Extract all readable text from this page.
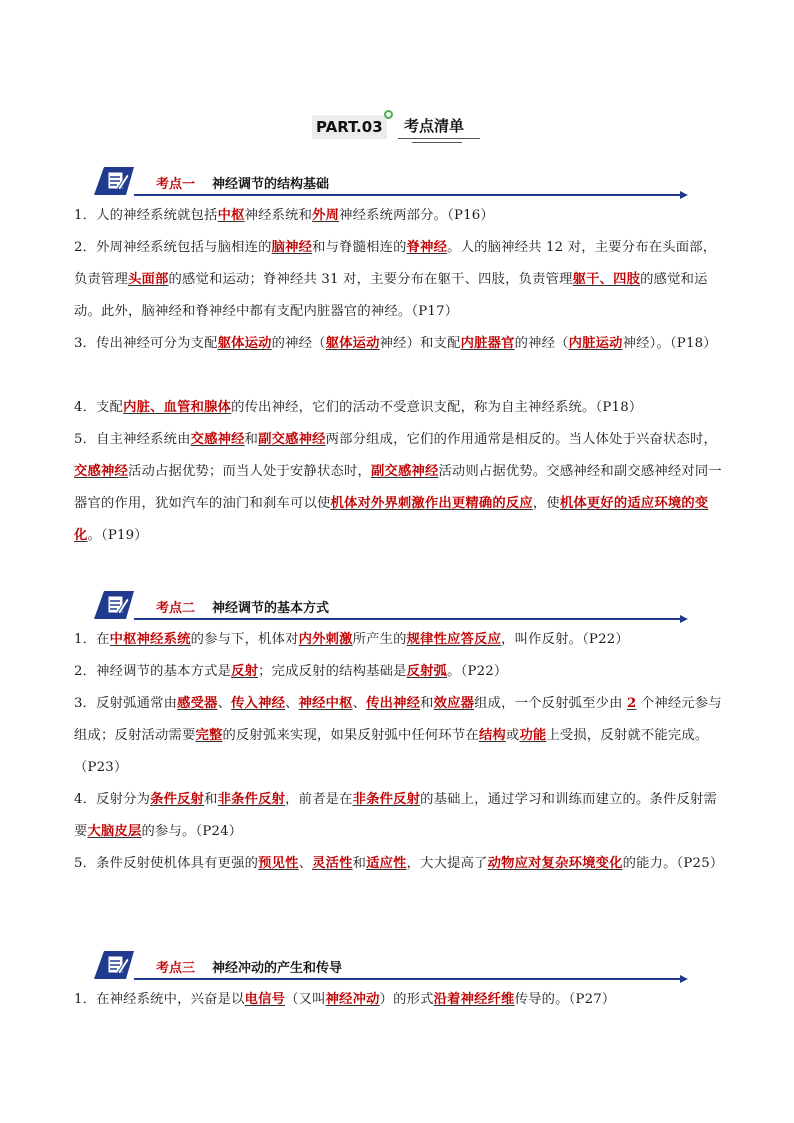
PART.03 考点清单
考点一 神经调节的结构基础

1．人的神经系统就包括中枢神经系统和外周神经系统两部分。（P16）

2．外周神经系统包括与脑相连的脑神经和与脊髓相连的脊神经。人的脑神经共 12 对，主要分布在头面部，负责管理头面部的感觉和运动；脊神经共 31 对，主要分布在躯干、四肢，负责管理躯干、四肢的感觉和运动。此外，脑神经和脊神经中都有支配内脏器官的神经。（P17）

3．传出神经可分为支配躯体运动的神经（躯体运动神经）和支配内脏器官的神经（内脏运动神经）。（P18）

4．支配内脏、血管和腺体的传出神经，它们的活动不受意识支配，称为自主神经系统。（P18）

5．自主神经系统由交感神经和副交感神经两部分组成，它们的作用通常是相反的。当人体处于兴奋状态时，交感神经活动占据优势；而当人处于安静状态时，副交感神经活动则占据优势。交感神经和副交感神经对同一器官的作用，犹如汽车的油门和刹车可以使机体对外界刺激作出更精确的反应，使机体更好的适应环境的变化。（P19）

考点二 神经调节的基本方式

1．在中枢神经系统的参与下，机体对内外刺激所产生的规律性应答反应，叫作反射。（P22）

2．神经调节的基本方式是反射；完成反射的结构基础是反射弧。（P22）

3．反射弧通常由感受器、传入神经、神经中枢、传出神经和效应器组成，一个反射弧至少由 2 个神经元参与组成；反射活动需要完整的反射弧来实现，如果反射弧中任何环节在结构或功能上受损，反射就不能完成。（P23）

4．反射分为条件反射和非条件反射，前者是在非条件反射的基础上，通过学习和训练而建立的。条件反射需要大脑皮层的参与。（P24）

5．条件反射使机体具有更强的预见性、灵活性和适应性，大大提高了动物应对复杂环境变化的能力。（P25）

考点三 神经冲动的产生和传导

1．在神经系统中，兴奋是以电信号（又叫神经冲动）的形式沿着神经纤维传导的。（P27）
